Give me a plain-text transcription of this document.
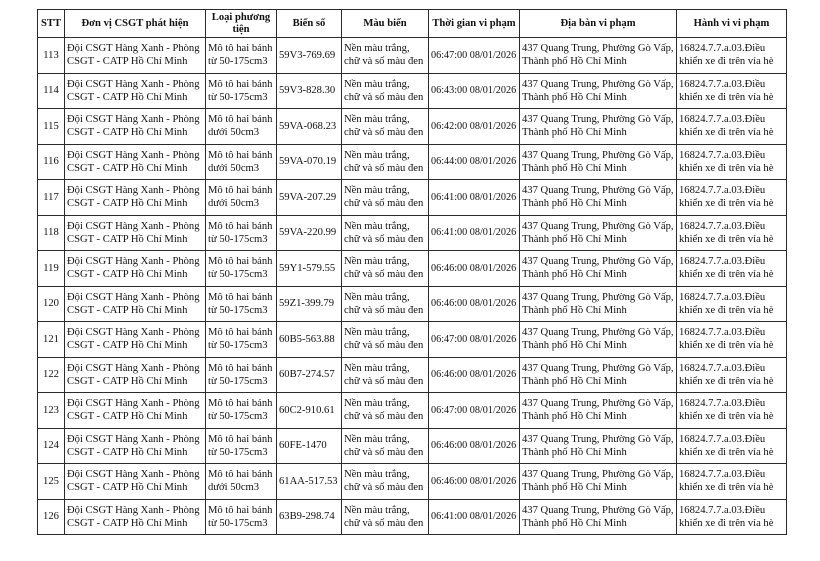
STT	Đơn vị CSGT phát hiện	Loại phương tiện	Biển số	Màu biển	Thời gian vi phạm	Địa bàn vi phạm	Hành vi vi phạm
113	Đội CSGT Hàng Xanh - Phòng CSGT - CATP Hồ Chí Minh	Mô tô hai bánh từ 50-175cm3	59V3-769.69	Nền màu trắng, chữ và số màu đen	06:47:00 08/01/2026	437 Quang Trung, Phường Gò Vấp, Thành phố Hồ Chí Minh	16824.7.7.a.03.Điều khiển xe đi trên vỉa hè
114	Đội CSGT Hàng Xanh - Phòng CSGT - CATP Hồ Chí Minh	Mô tô hai bánh từ 50-175cm3	59V3-828.30	Nền màu trắng, chữ và số màu đen	06:43:00 08/01/2026	437 Quang Trung, Phường Gò Vấp, Thành phố Hồ Chí Minh	16824.7.7.a.03.Điều khiển xe đi trên vỉa hè
115	Đội CSGT Hàng Xanh - Phòng CSGT - CATP Hồ Chí Minh	Mô tô hai bánh dưới 50cm3	59VA-068.23	Nền màu trắng, chữ và số màu đen	06:42:00 08/01/2026	437 Quang Trung, Phường Gò Vấp, Thành phố Hồ Chí Minh	16824.7.7.a.03.Điều khiển xe đi trên vỉa hè
116	Đội CSGT Hàng Xanh - Phòng CSGT - CATP Hồ Chí Minh	Mô tô hai bánh dưới 50cm3	59VA-070.19	Nền màu trắng, chữ và số màu đen	06:44:00 08/01/2026	437 Quang Trung, Phường Gò Vấp, Thành phố Hồ Chí Minh	16824.7.7.a.03.Điều khiển xe đi trên vỉa hè
117	Đội CSGT Hàng Xanh - Phòng CSGT - CATP Hồ Chí Minh	Mô tô hai bánh dưới 50cm3	59VA-207.29	Nền màu trắng, chữ và số màu đen	06:41:00 08/01/2026	437 Quang Trung, Phường Gò Vấp, Thành phố Hồ Chí Minh	16824.7.7.a.03.Điều khiển xe đi trên vỉa hè
118	Đội CSGT Hàng Xanh - Phòng CSGT - CATP Hồ Chí Minh	Mô tô hai bánh từ 50-175cm3	59VA-220.99	Nền màu trắng, chữ và số màu đen	06:41:00 08/01/2026	437 Quang Trung, Phường Gò Vấp, Thành phố Hồ Chí Minh	16824.7.7.a.03.Điều khiển xe đi trên vỉa hè
119	Đội CSGT Hàng Xanh - Phòng CSGT - CATP Hồ Chí Minh	Mô tô hai bánh từ 50-175cm3	59Y1-579.55	Nền màu trắng, chữ và số màu đen	06:46:00 08/01/2026	437 Quang Trung, Phường Gò Vấp, Thành phố Hồ Chí Minh	16824.7.7.a.03.Điều khiển xe đi trên vỉa hè
120	Đội CSGT Hàng Xanh - Phòng CSGT - CATP Hồ Chí Minh	Mô tô hai bánh từ 50-175cm3	59Z1-399.79	Nền màu trắng, chữ và số màu đen	06:46:00 08/01/2026	437 Quang Trung, Phường Gò Vấp, Thành phố Hồ Chí Minh	16824.7.7.a.03.Điều khiển xe đi trên vỉa hè
121	Đội CSGT Hàng Xanh - Phòng CSGT - CATP Hồ Chí Minh	Mô tô hai bánh từ 50-175cm3	60B5-563.88	Nền màu trắng, chữ và số màu đen	06:47:00 08/01/2026	437 Quang Trung, Phường Gò Vấp, Thành phố Hồ Chí Minh	16824.7.7.a.03.Điều khiển xe đi trên vỉa hè
122	Đội CSGT Hàng Xanh - Phòng CSGT - CATP Hồ Chí Minh	Mô tô hai bánh từ 50-175cm3	60B7-274.57	Nền màu trắng, chữ và số màu đen	06:46:00 08/01/2026	437 Quang Trung, Phường Gò Vấp, Thành phố Hồ Chí Minh	16824.7.7.a.03.Điều khiển xe đi trên vỉa hè
123	Đội CSGT Hàng Xanh - Phòng CSGT - CATP Hồ Chí Minh	Mô tô hai bánh từ 50-175cm3	60C2-910.61	Nền màu trắng, chữ và số màu đen	06:47:00 08/01/2026	437 Quang Trung, Phường Gò Vấp, Thành phố Hồ Chí Minh	16824.7.7.a.03.Điều khiển xe đi trên vỉa hè
124	Đội CSGT Hàng Xanh - Phòng CSGT - CATP Hồ Chí Minh	Mô tô hai bánh từ 50-175cm3	60FE-1470	Nền màu trắng, chữ và số màu đen	06:46:00 08/01/2026	437 Quang Trung, Phường Gò Vấp, Thành phố Hồ Chí Minh	16824.7.7.a.03.Điều khiển xe đi trên vỉa hè
125	Đội CSGT Hàng Xanh - Phòng CSGT - CATP Hồ Chí Minh	Mô tô hai bánh dưới 50cm3	61AA-517.53	Nền màu trắng, chữ và số màu đen	06:46:00 08/01/2026	437 Quang Trung, Phường Gò Vấp, Thành phố Hồ Chí Minh	16824.7.7.a.03.Điều khiển xe đi trên vỉa hè
126	Đội CSGT Hàng Xanh - Phòng CSGT - CATP Hồ Chí Minh	Mô tô hai bánh từ 50-175cm3	63B9-298.74	Nền màu trắng, chữ và số màu đen	06:41:00 08/01/2026	437 Quang Trung, Phường Gò Vấp, Thành phố Hồ Chí Minh	16824.7.7.a.03.Điều khiển xe đi trên vỉa hè
